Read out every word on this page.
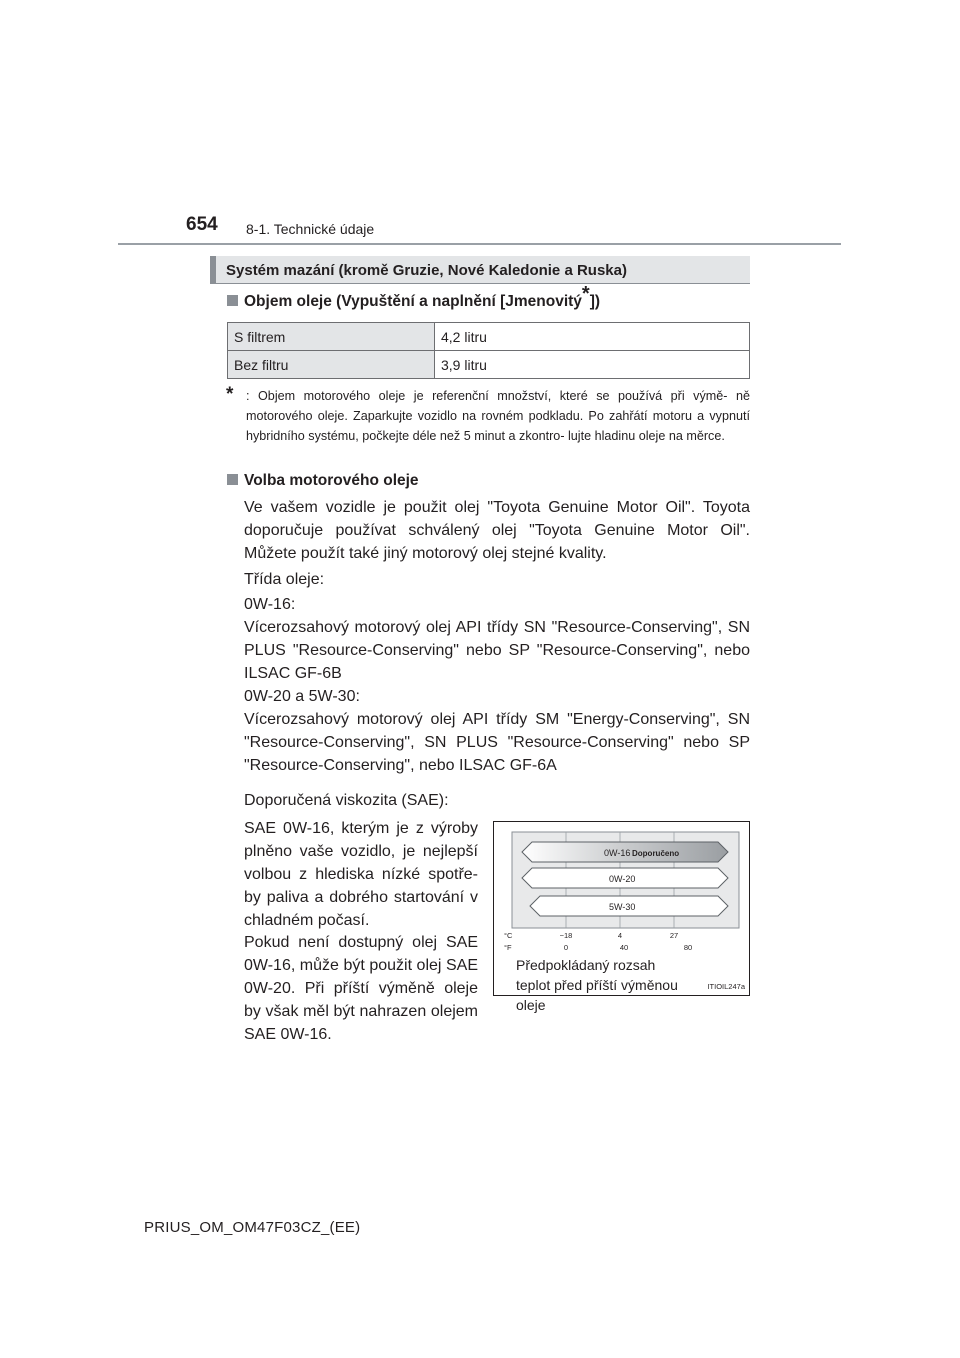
654 8-1. Technické údaje
Systém mazání (kromě Gruzie, Nové Kaledonie a Ruska)
Objem oleje (Vypuštění a naplnění [Jmenovitý*])
S filtrem	4,2 litru
Bez filtru	3,9 litru
* : Objem motorového oleje je referenční množství, které se používá při výmě- ně motorového oleje. Zaparkujte vozidlo na rovném podkladu. Po zahřátí motoru a vypnutí hybridního systému, počkejte déle než 5 minut a zkontro- lujte hladinu oleje na měrce.
Volba motorového oleje
Ve vašem vozidle je použit olej "Toyota Genuine Motor Oil". Toyota doporučuje používat schválený olej "Toyota Genuine Motor Oil". Můžete použít také jiný motorový olej stejné kvality.
Třída oleje:
0W-16:
Vícerozsahový motorový olej API třídy SN "Resource-Conserving", SN PLUS "Resource-Conserving" nebo SP "Resource-Conserving", nebo ILSAC GF-6B
0W-20 a 5W-30:
Vícerozsahový motorový olej API třídy SM "Energy-Conserving", SN "Resource-Conserving", SN PLUS "Resource-Conserving" nebo SP "Resource-Conserving", nebo ILSAC GF-6A
Doporučená viskozita (SAE):
SAE 0W-16, kterým je z výroby plněno vaše vozidlo, je nejlepší volbou z hlediska nízké spotře- by paliva a dobrého startování v chladném počasí.
Pokud není dostupný olej SAE 0W-16, může být použit olej SAE 0W-20. Při příští výměně oleje by však měl být nahrazen olejem SAE 0W-16.
0W-16 Doporučeno
0W-20
5W-30
°C
°F
−18	4	27
0	40	80
Předpokládaný rozsah teplot před příští výměnou oleje
ITIOIL247a
PRIUS_OM_OM47F03CZ_(EE)
